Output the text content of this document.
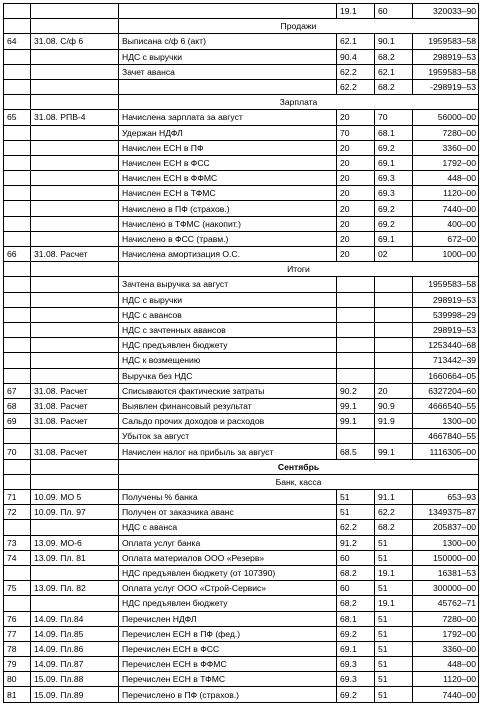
			19.1	60	320033–90
		Продажи			
64	31.08. С/ф 6	Выписана с/ф 6 (акт)	62.1	90.1	1959583–58
		НДС с выручки	90.4	68.2	298919–53
		Зачет аванса	62.2	62.1	1959583–58
			62.2	68.2	-298919–53
		Зарплата			
65	31.08. РПВ-4	Начислена зарплата за август	20	70	56000–00
		Удержан НДФЛ	70	68.1	7280–00
		Начислен ЕСН в ПФ	20	69.2	3360–00
		Начислен ЕСН в ФСС	20	69.1	1792–00
		Начислен ЕСН в ФФМС	20	69.3	448–00
		Начислен ЕСН в ТФМС	20	69.3	1120–00
		Начислено в ПФ (страхов.)	20	69.2	7440–00
		Начислено в ТФМС (накопит.)	20	69.2	400–00
		Начислено в ФСС (травм.)	20	69.1	672–00
66	31.08. Расчет	Начислена амортизация О.С.	20	02	1000–00
		Итоги			
		Зачтена выручка за август			1959583–58
		НДС с выручки			298919–53
		НДС с авансов			539998–29
		НДС с зачтенных авансов			298919–53
		НДС предъявлен бюджету			1253440–68
		НДС к возмещению			713442–39
		Выручка без НДС			1660664–05
67	31.08. Расчет	Списываются фактические затраты	90.2	20	6327204–60
68	31.08. Расчет	Выявлен финансовый результат	99.1	90.9	4666540–55
69	31.08. Расчет	Сальдо прочих доходов и расходов	99.1	91.9	1300–00
		Убыток за август			4667840–55
70	31.08. Расчет	Начислен налог на прибыль за август	68.5	99.1	1116305–00
		Сентябрь			
		Банк, касса			
71	10.09. МО 5	Получены % банка	51	91.1	653–93
72	10.09. Пл. 97	Получен от заказчика аванс	51	62.2	1349375–87
		НДС с аванса	62.2	68.2	205837–00
73	13.09. МО-6	Оплата услуг банка	91.2	51	1300–00
74	13.09. Пл. 81	Оплата материалов ООО «Резерв»	60	51	150000–00
		НДС предъявлен бюджету (от 107390)	68.2	19.1	16381–53
75	13.09. Пл. 82	Оплата услуг ООО «Строй-Сервис»	60	51	300000–00
		НДС предъявлен бюджету	68.2	19.1	45762–71
76	14.09. Пл.84	Перечислен НДФЛ	68.1	51	7280–00
77	14.09. Пл.85	Перечислен ЕСН в ПФ (фед.)	69.2	51	1792–00
78	14.09. Пл.86	Перечислен ЕСН в ФСС	69.1	51	3360–00
79	14.09. Пл.87	Перечислен ЕСН в ФФМС	69.3	51	448–00
80	15.09. Пл.88	Перечислен ЕСН в ТФМС	69.3	51	1120–00
81	15.09. Пл.89	Перечислено в ПФ (страхов.)	69.2	51	7440–00
